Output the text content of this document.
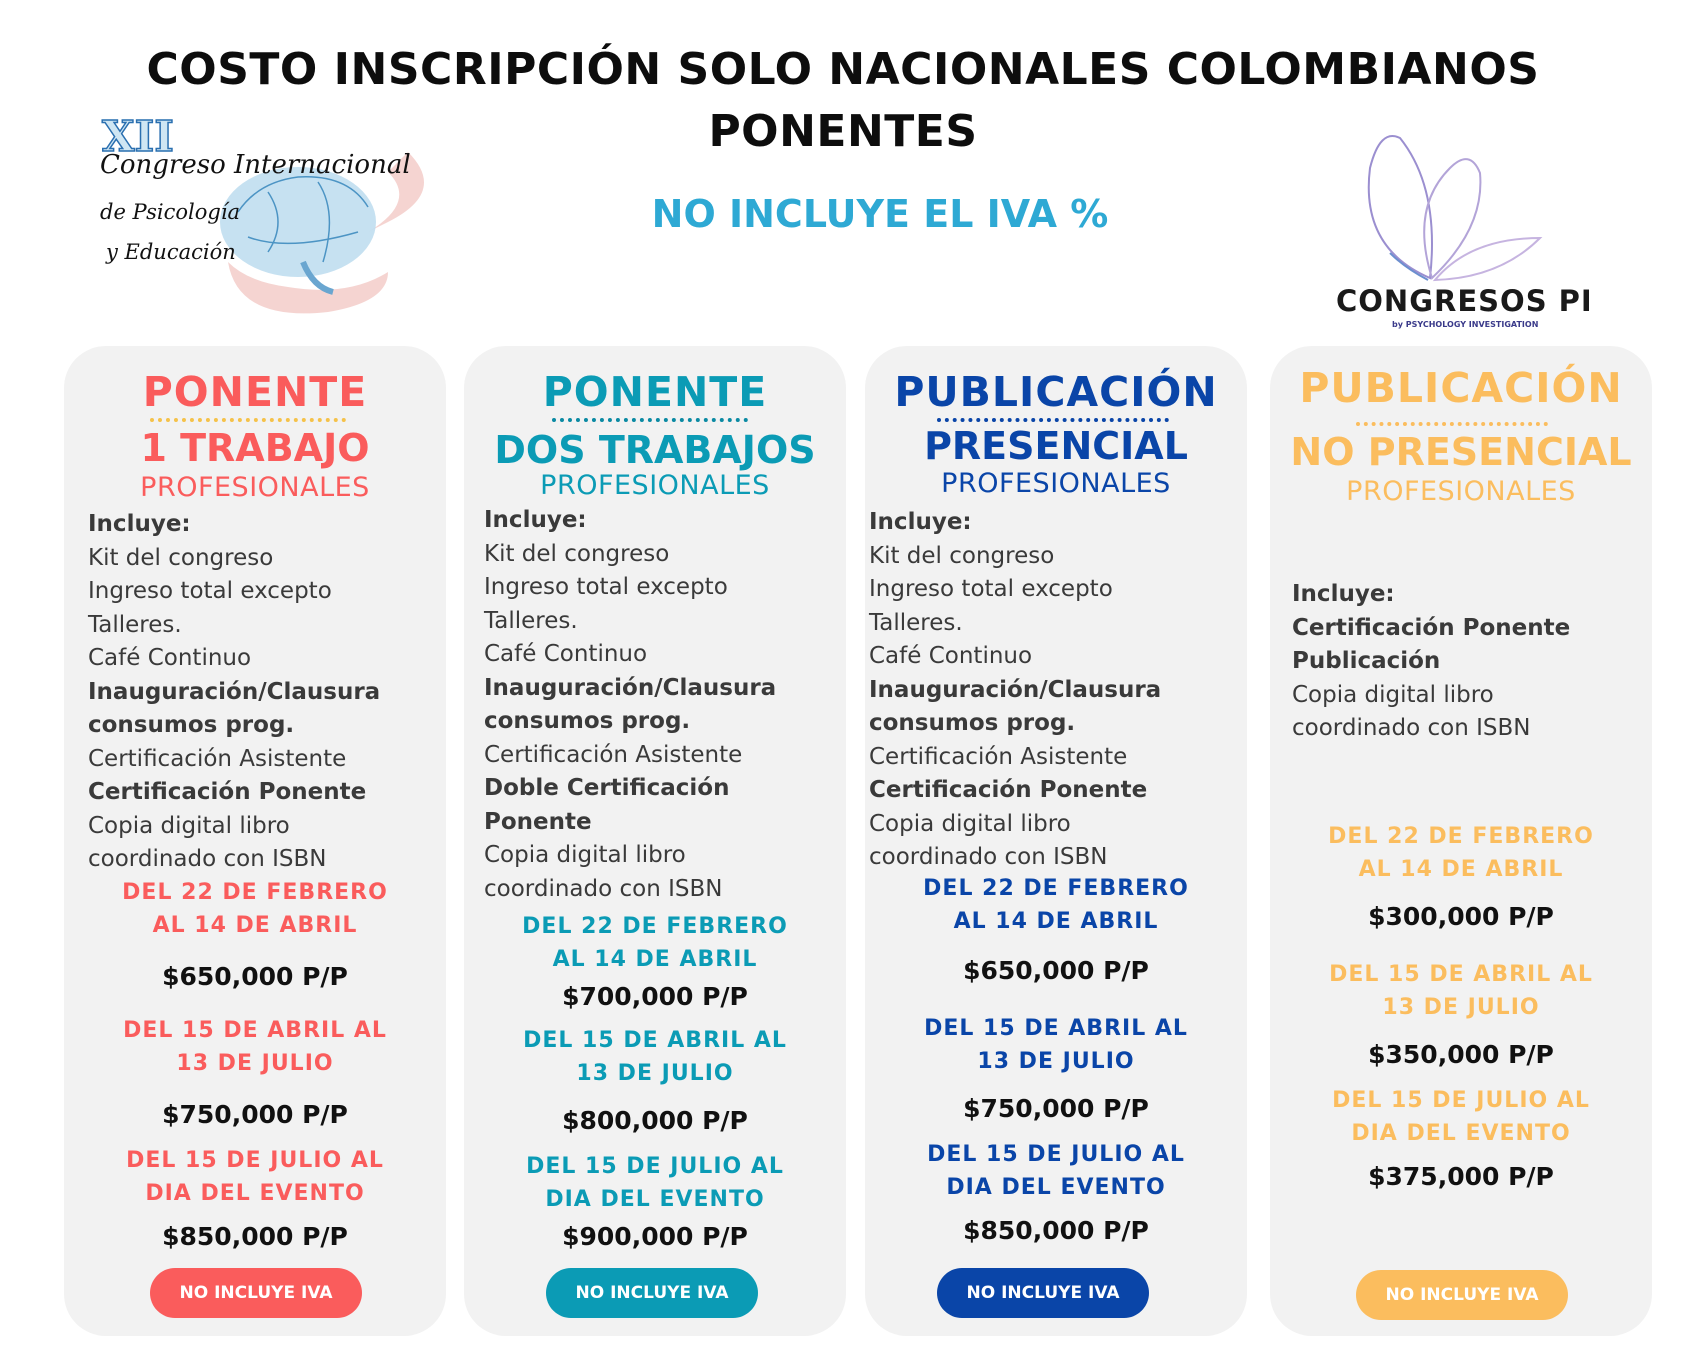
COSTO INSCRIPCIÓN SOLO NACIONALES COLOMBIANOS
PONENTES
NO INCLUYE EL IVA %
XII
Congreso Internacional
de Psicología
y Educación
CONGRESOS PI
by PSYCHOLOGY INVESTIGATION
PONENTE
1 TRABAJO
PROFESIONALES
Incluye:
Kit del congreso
Ingreso total excepto
Talleres.
Café Continuo
Inauguración/Clausura
consumos prog.
Certificación Asistente
Certificación Ponente
Copia digital libro
coordinado con ISBN
DEL 22 DE FEBRERO
AL 14 DE ABRIL
$650,000 P/P
DEL 15 DE ABRIL AL
13 DE JULIO
$750,000 P/P
DEL 15 DE JULIO AL
DIA DEL EVENTO
$850,000 P/P
NO INCLUYE IVA
PONENTE
DOS TRABAJOS
PROFESIONALES
Incluye:
Kit del congreso
Ingreso total excepto
Talleres.
Café Continuo
Inauguración/Clausura
consumos prog.
Certificación Asistente
Doble Certificación
Ponente
Copia digital libro
coordinado con ISBN
DEL 22 DE FEBRERO
AL 14 DE ABRIL
$700,000 P/P
DEL 15 DE ABRIL AL
13 DE JULIO
$800,000 P/P
DEL 15 DE JULIO AL
DIA DEL EVENTO
$900,000 P/P
NO INCLUYE IVA
PUBLICACIÓN
PRESENCIAL
PROFESIONALES
Incluye:
Kit del congreso
Ingreso total excepto
Talleres.
Café Continuo
Inauguración/Clausura
consumos prog.
Certificación Asistente
Certificación Ponente
Copia digital libro
coordinado con ISBN
DEL 22 DE FEBRERO
AL 14 DE ABRIL
$650,000 P/P
DEL 15 DE ABRIL AL
13 DE JULIO
$750,000 P/P
DEL 15 DE JULIO AL
DIA DEL EVENTO
$850,000 P/P
NO INCLUYE IVA
PUBLICACIÓN
NO PRESENCIAL
PROFESIONALES
Incluye:
Certificación Ponente
Publicación
Copia digital libro
coordinado con ISBN
DEL 22 DE FEBRERO
AL 14 DE ABRIL
$300,000 P/P
DEL 15 DE ABRIL AL
13 DE JULIO
$350,000 P/P
DEL 15 DE JULIO AL
DIA DEL EVENTO
$375,000 P/P
NO INCLUYE IVA
